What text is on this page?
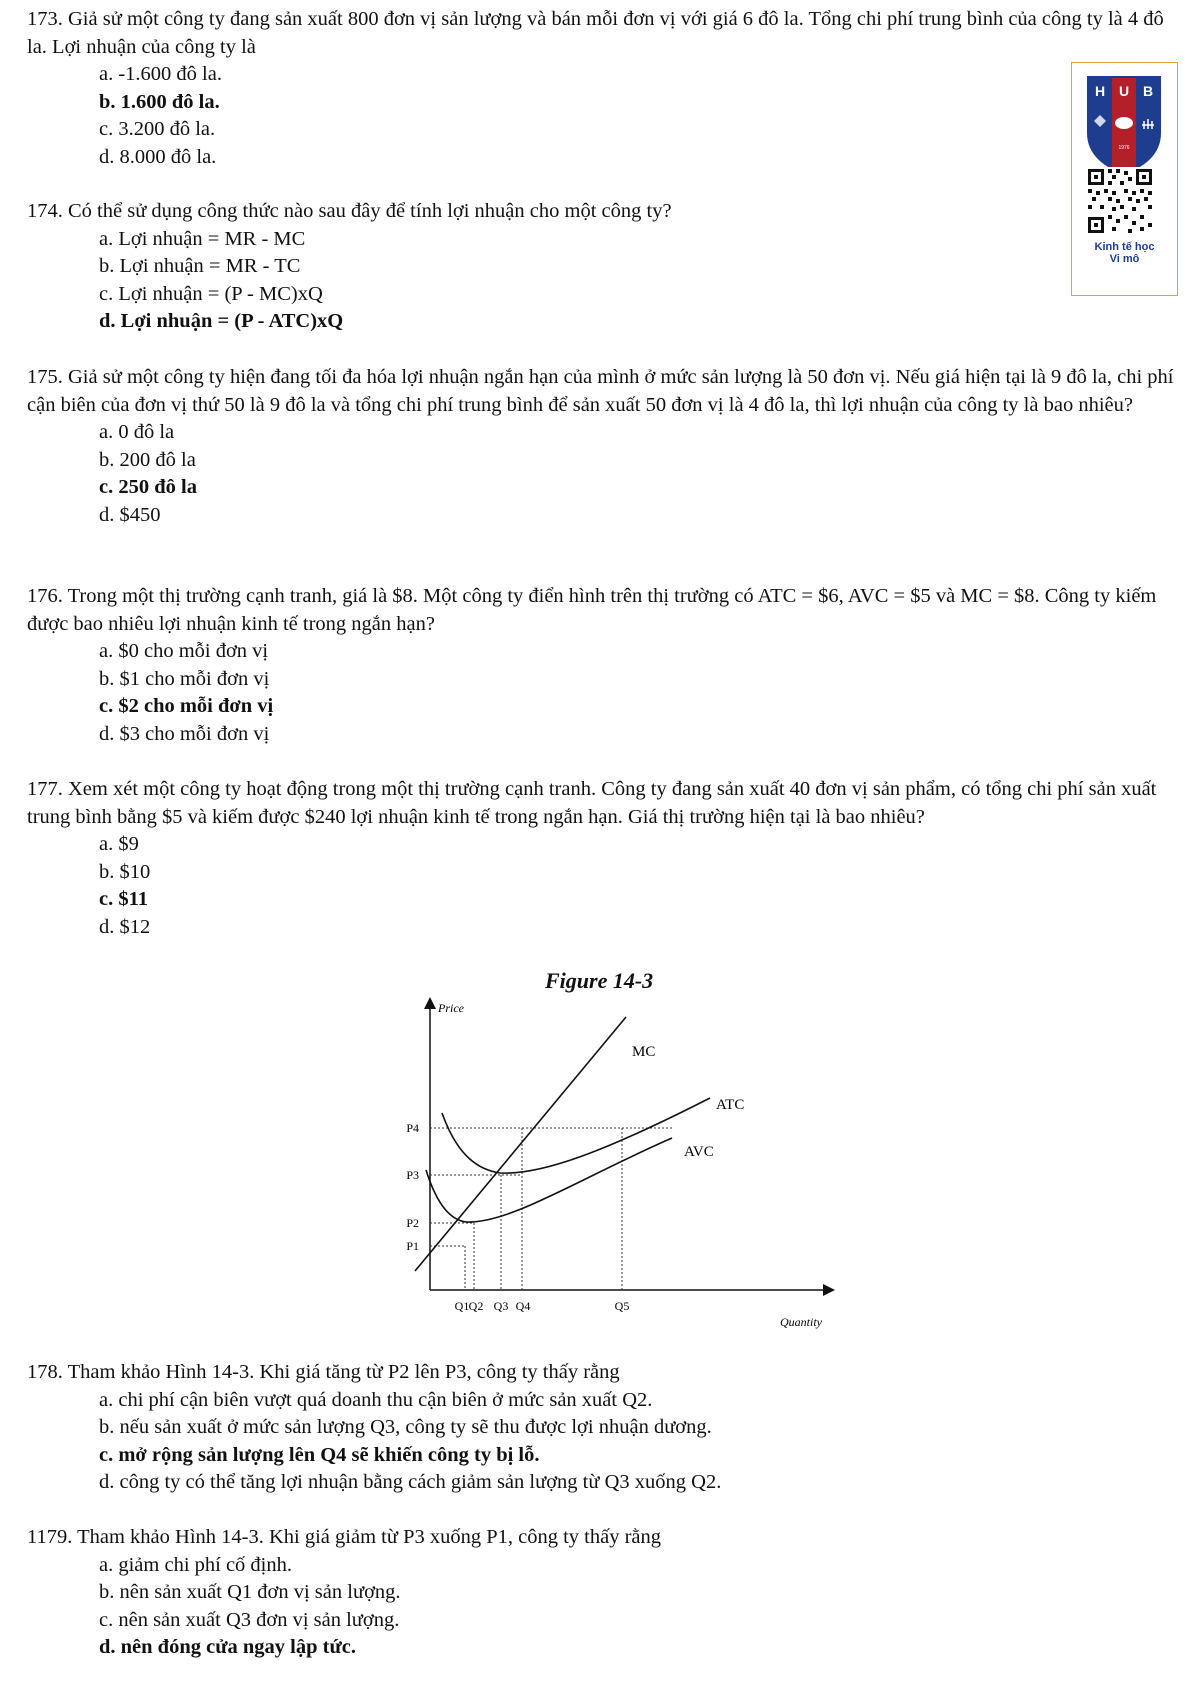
173. Giả sử một công ty đang sản xuất 800 đơn vị sản lượng và bán mỗi đơn vị với giá 6 đô la. Tổng chi phí trung bình của công ty là 4 đô la. Lợi nhuận của công ty là

a. -1.600 đô la.
b. 1.600 đô la.
c. 3.200 đô la.
d. 8.000 đô la.

174. Có thể sử dụng công thức nào sau đây để tính lợi nhuận cho một công ty?

a. Lợi nhuận = MR - MC
b. Lợi nhuận = MR - TC
c. Lợi nhuận = (P - MC)xQ
d. Lợi nhuận = (P - ATC)xQ

175. Giả sử một công ty hiện đang tối đa hóa lợi nhuận ngắn hạn của mình ở mức sản lượng là 50 đơn vị. Nếu giá hiện tại là 9 đô la, chi phí cận biên của đơn vị thứ 50 là 9 đô la và tổng chi phí trung bình để sản xuất 50 đơn vị là 4 đô la, thì lợi nhuận của công ty là bao nhiêu?

a. 0 đô la
b. 200 đô la
c. 250 đô la
d. $450

176. Trong một thị trường cạnh tranh, giá là $8. Một công ty điển hình trên thị trường có ATC = $6, AVC = $5 và MC = $8. Công ty kiếm được bao nhiêu lợi nhuận kinh tế trong ngắn hạn?

a. $0 cho mỗi đơn vị
b. $1 cho mỗi đơn vị
c. $2 cho mỗi đơn vị
d. $3 cho mỗi đơn vị

177. Xem xét một công ty hoạt động trong một thị trường cạnh tranh. Công ty đang sản xuất 40 đơn vị sản phẩm, có tổng chi phí sản xuất trung bình bằng $5 và kiếm được $240 lợi nhuận kinh tế trong ngắn hạn. Giá thị trường hiện tại là bao nhiêu?

a. $9
b. $10
c. $11
d. $12
Figure 14-3
Price
Quantity
MC
ATC
AVC
P4
P3
P2
P1
Q1 Q2 Q3 Q4	Q5

178. Tham khảo Hình 14-3. Khi giá tăng từ P2 lên P3, công ty thấy rằng

a. chi phí cận biên vượt quá doanh thu cận biên ở mức sản xuất Q2.
b. nếu sản xuất ở mức sản lượng Q3, công ty sẽ thu được lợi nhuận dương.
c. mở rộng sản lượng lên Q4 sẽ khiến công ty bị lỗ.
d. công ty có thể tăng lợi nhuận bằng cách giảm sản lượng từ Q3 xuống Q2.

1179. Tham khảo Hình 14-3. Khi giá giảm từ P3 xuống P1, công ty thấy rằng

a. giảm chi phí cố định.
b. nên sản xuất Q1 đơn vị sản lượng.
c. nên sản xuất Q3 đơn vị sản lượng.
d. nên đóng cửa ngay lập tức.
H U B
1976
Kinh tế học
Vi mô
